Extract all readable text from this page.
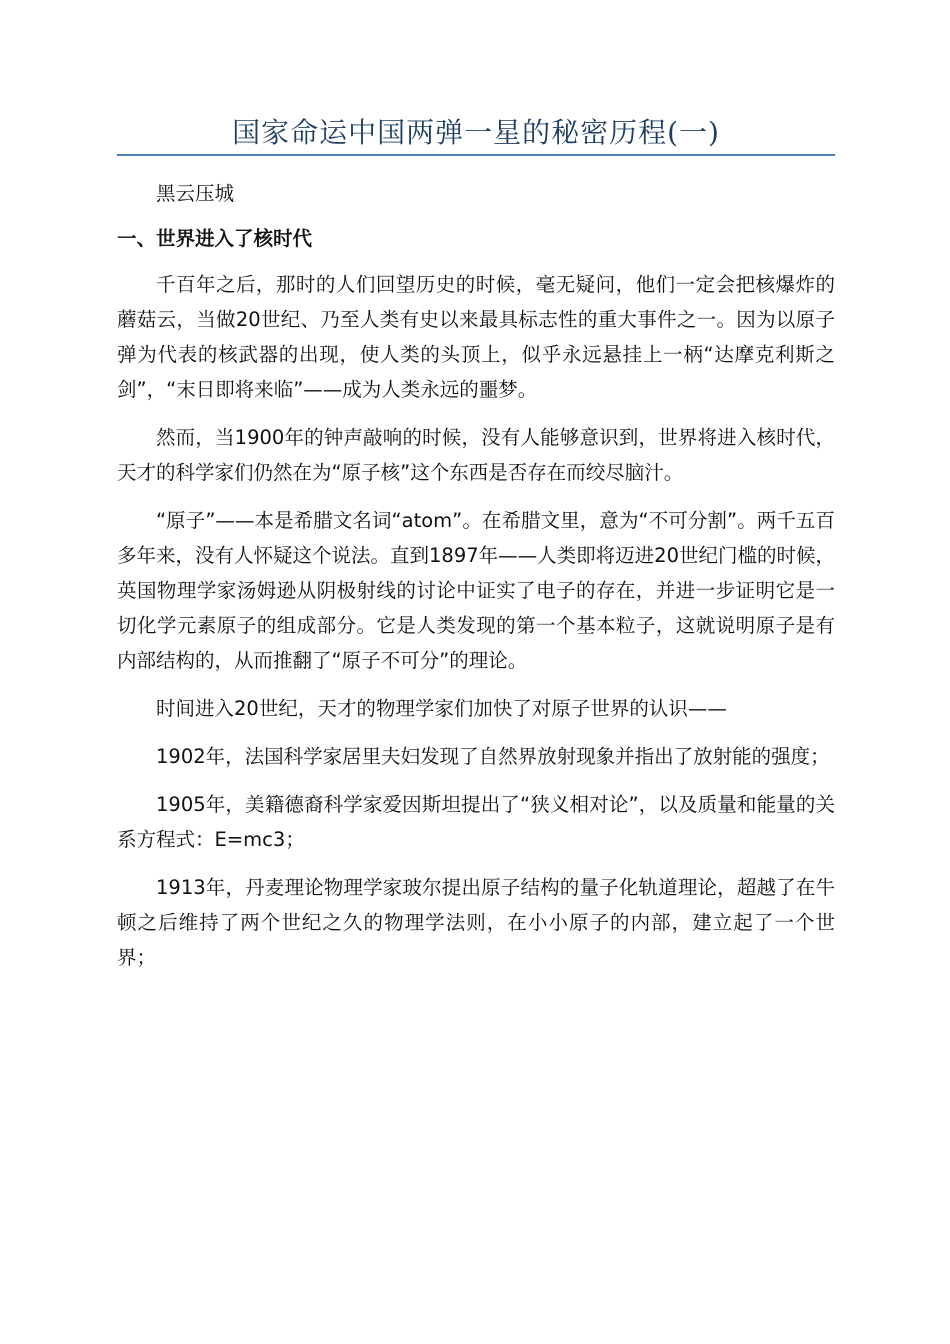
国家命运中国两弹一星的秘密历程(一)

黑云压城

一、世界进入了核时代

千百年之后，那时的人们回望历史的时候，毫无疑问，他们一定会把核爆炸的蘑菇云，当做20世纪、乃至人类有史以来最具标志性的重大事件之一。因为以原子弹为代表的核武器的出现，使人类的头顶上，似乎永远悬挂上一柄“达摩克利斯之剑”，“末日即将来临”——成为人类永远的噩梦。

然而，当1900年的钟声敲响的时候，没有人能够意识到，世界将进入核时代，天才的科学家们仍然在为“原子核”这个东西是否存在而绞尽脑汁。

“原子”——本是希腊文名词“atom”。在希腊文里，意为“不可分割”。两千五百多年来，没有人怀疑这个说法。直到1897年——人类即将迈进20世纪门槛的时候，英国物理学家汤姆逊从阴极射线的讨论中证实了电子的存在，并进一步证明它是一切化学元素原子的组成部分。它是人类发现的第一个基本粒子，这就说明原子是有内部结构的，从而推翻了“原子不可分”的理论。

时间进入20世纪，天才的物理学家们加快了对原子世界的认识——

1902年，法国科学家居里夫妇发现了自然界放射现象并指出了放射能的强度；

1905年，美籍德裔科学家爱因斯坦提出了“狭义相对论”，以及质量和能量的关系方程式：E=mc3；

1913年，丹麦理论物理学家玻尔提出原子结构的量子化轨道理论，超越了在牛顿之后维持了两个世纪之久的物理学法则，在小小原子的内部，建立起了一个世界；
